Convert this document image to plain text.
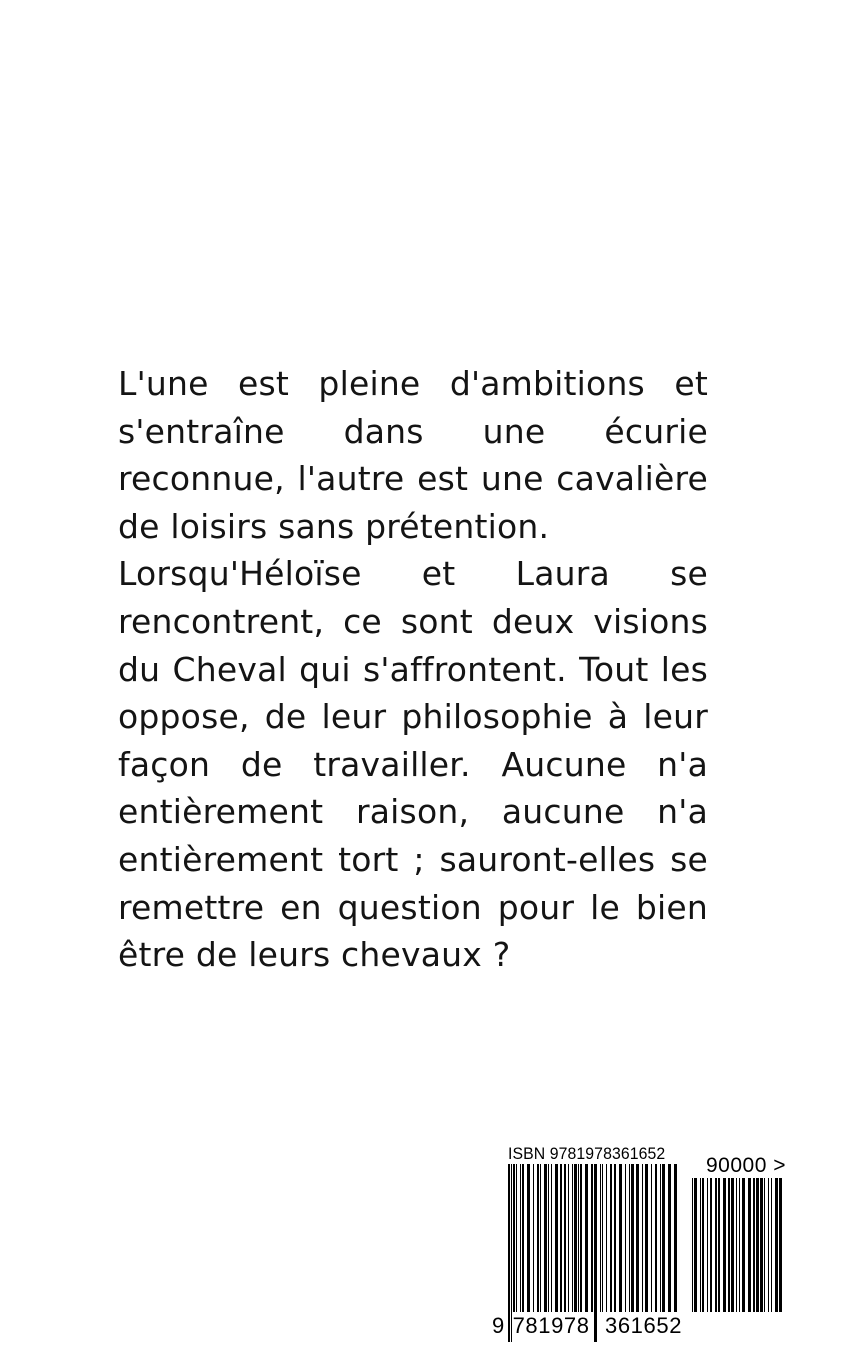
L'une est pleine d'ambitions et s'entraîne dans une écurie reconnue, l'autre est une cavalière de loisirs sans prétention.

Lorsqu'Héloïse et Laura se rencontrent, ce sont deux visions du Cheval qui s'affrontent. Tout les oppose, de leur philosophie à leur façon de travailler. Aucune n'a entièrement raison, aucune n'a entièrement tort ; sauront-elles se remettre en question pour le bien être de leurs chevaux ?

ISBN 9781978361652
90000 >
9 781978 361652
